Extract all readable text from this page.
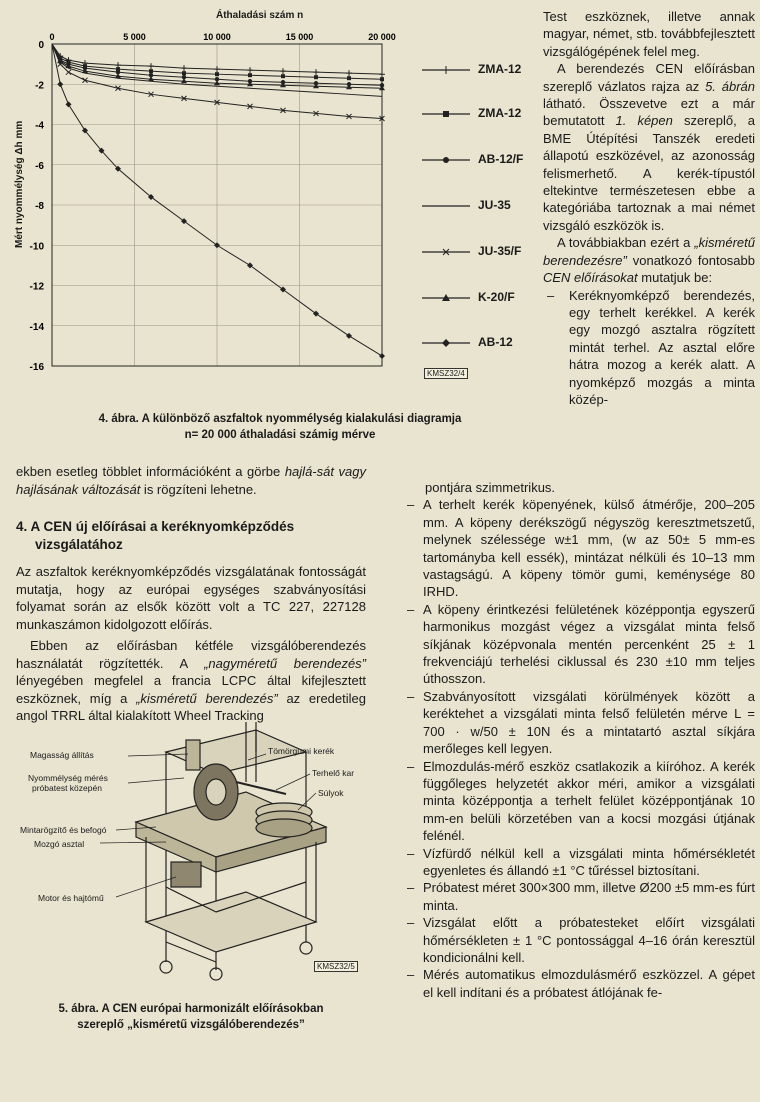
Áthaladási szám n
Mért nyommélység Δh mm
0	5 000	10 000	15 000	20 000
0
-2
-4
-6
-8
-10
-12
-14
-16
ZMA-12
ZMA-12
AB-12/F
JU-35
JU-35/F
K-20/F
AB-12
KMSZ32/4
4. ábra. A különböző aszfaltok nyommélység kialakulási diagramja
n= 20 000 áthaladási számig mérve
ekben esetleg többlet információként a görbe hajlá-sát vagy hajlásának változását is rögzíteni lehetne.
4. A CEN új előírásai a keréknyomképződés
vizsgálatához
Az aszfaltok keréknyomképződés vizsgálatának fontosságát mutatja, hogy az európai egységes szabványosítási folyamat során az elsők között volt a TC 227, 227128 munkaszámon kidolgozott előírás.
Ebben az előírásban kétféle vizsgálóberendezés használatát rögzítették. A „nagyméretű berendezés” lényegében megfelel a francia LCPC által kifejlesztett eszköznek, míg a „kisméretű berendezés” az eredetileg angol TRRL által kialakított Wheel Tracking
Magasság állítás
Nyommélység mérés
próbatest közepén
Mintarögzítő és befogó
Mozgó asztal
Motor és hajtómű
Tömörgumi kerék
Terhelő kar
Súlyok
KMSZ32/5
5. ábra. A CEN európai harmonizált előírásokban
szereplő „kisméretű vizsgálóberendezés”

Test eszköznek, illetve annak magyar, német, stb. továbbfejlesztett vizsgálógépének felel meg.

A berendezés CEN előírásban szereplő vázlatos rajza az 5. ábrán látható. Összevetve ezt a már bemutatott 1. képen szereplő, a BME Útépítési Tanszék eredeti állapotú eszközével, az azonosság felismerhető. A kerék-típustól eltekintve természetesen ebbe a kategóriába tartoznak a mai német vizsgáló eszközök is.

A továbbiakban ezért a „kisméretű berendezésre” vonatkozó fontosabb CEN előírásokat mutatjuk be:

– Keréknyomképző berendezés, egy terhelt kerékkel. A kerék egy mozgó asztalra rögzített mintát terhel. Az asztal előre hátra mozog a kerék alatt. A nyomképző mozgás a minta közép-

pontjára szimmetrikus.

– A terhelt kerék köpenyének, külső átmérője, 200–205 mm. A köpeny derékszögű négyszög keresztmetszetű, melynek szélessége w±1 mm, (w az 50± 5 mm-es tartományba kell essék), mintázat nélküli és 10–13 mm vastagságú. A köpeny tömör gumi, keménysége 80 IRHD.

– A köpeny érintkezési felületének középpontja egyszerű harmonikus mozgást végez a vizsgálat minta felső síkjának középvonala mentén percenként 25 ± 1 frekvenciájú terhelési ciklussal és 230 ±10 mm teljes úthosszon.

– Szabványosított vizsgálati körülmények között a keréktehet a vizsgálati minta felső felületén mérve L = 700 · w/50 ± 10N és a mintatartó asztal síkjára merőleges kell legyen.

– Elmozdulás-mérő eszköz csatlakozik a kiíróhoz. A kerék függőleges helyzetét akkor méri, amikor a vizsgálati minta középpontja a terhelt felület középpontjának 10 mm-en belüli körzetében van a kocsi mozgási útjának felénél.

– Vízfürdő nélkül kell a vizsgálati minta hőmérsékletét egyenletes és állandó ±1 °C tűréssel biztosítani.

– Próbatest méret 300×300 mm, illetve Ø200 ±5 mm-es fúrt minta.

– Vizsgálat előtt a próbatesteket előírt vizsgálati hőmérsékleten ± 1 °C pontossággal 4–16 órán keresztül kondicionálni kell.

– Mérés automatikus elmozdulásmérő eszközzel. A gépet el kell indítani és a próbatest átlójának fe-
